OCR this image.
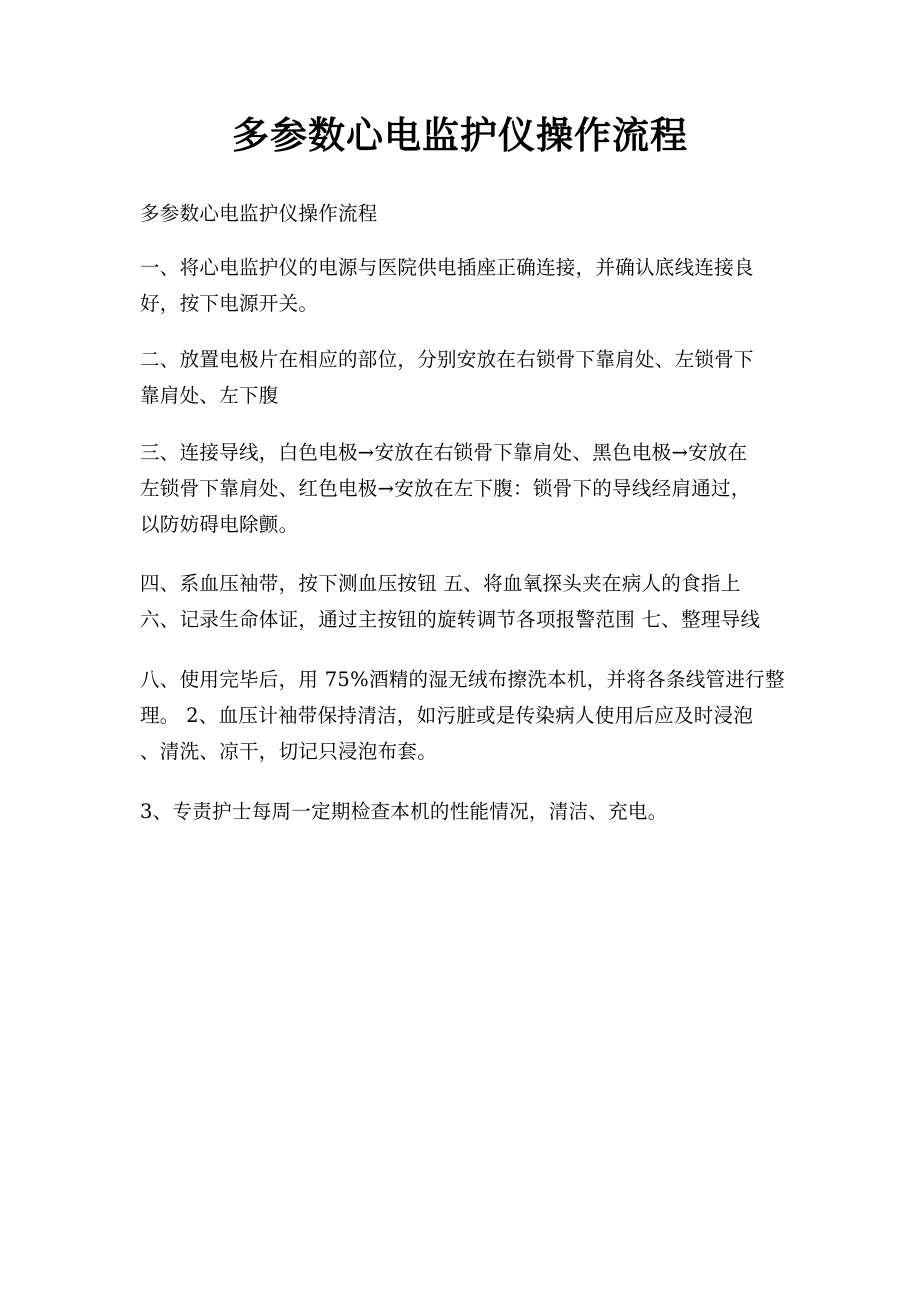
多参数心电监护仪操作流程

多参数心电监护仪操作流程

一、将心电监护仪的电源与医院供电插座正确连接，并确认底线连接良
好，按下电源开关。

二、放置电极片在相应的部位，分别安放在右锁骨下靠肩处、左锁骨下
靠肩处、左下腹

三、连接导线，白色电极→安放在右锁骨下靠肩处、黑色电极→安放在
左锁骨下靠肩处、红色电极→安放在左下腹：锁骨下的导线经肩通过，
以防妨碍电除颤。

四、系血压袖带，按下测血压按钮 五、将血氧探头夹在病人的食指上
六、记录生命体证，通过主按钮的旋转调节各项报警范围 七、整理导线

八、使用完毕后，用 75%酒精的湿无绒布擦洗本机，并将各条线管进行整
理。 2、血压计袖带保持清洁，如污脏或是传染病人使用后应及时浸泡
、清洗、凉干，切记只浸泡布套。

3、专责护士每周一定期检查本机的性能情况，清洁、充电。
